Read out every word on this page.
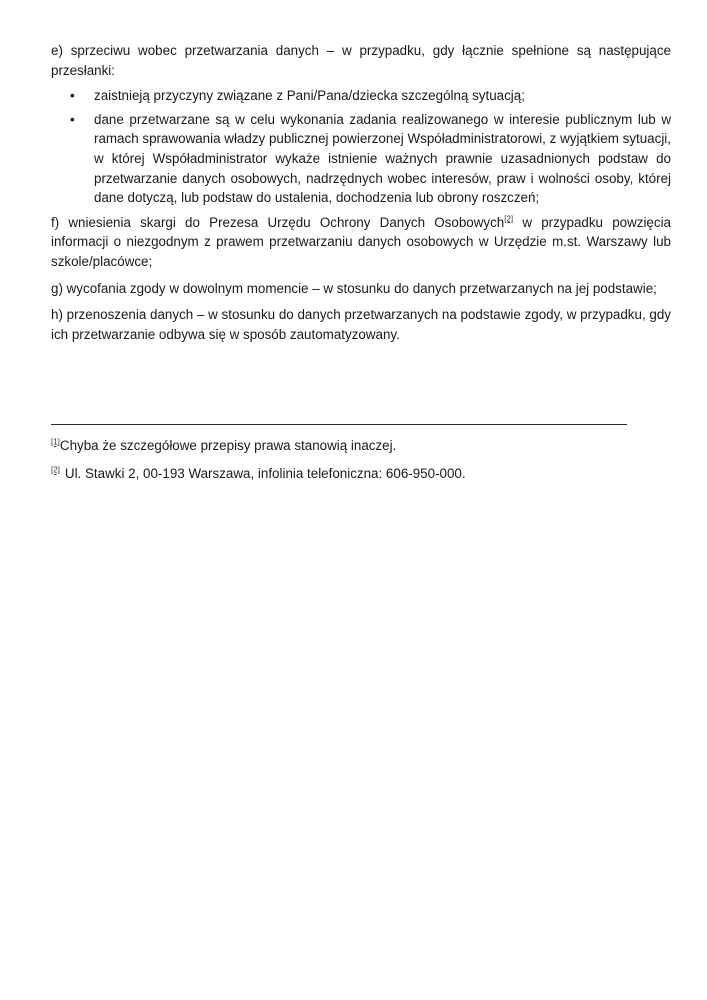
e) sprzeciwu wobec przetwarzania danych – w przypadku, gdy łącznie spełnione są następujące przesłanki:

• zaistnieją przyczyny związane z Pani/Pana/dziecka szczególną sytuacją;
• dane przetwarzane są w celu wykonania zadania realizowanego w interesie publicznym lub w ramach sprawowania władzy publicznej powierzonej Współadministratorowi, z wyjątkiem sytuacji, w której Współadministrator wykaże istnienie ważnych prawnie uzasadnionych podstaw do przetwarzanie danych osobowych, nadrzędnych wobec interesów, praw i wolności osoby, której dane dotyczą, lub podstaw do ustalenia, dochodzenia lub obrony roszczeń;

f) wniesienia skargi do Prezesa Urzędu Ochrony Danych Osobowych[2] w przypadku powzięcia informacji o niezgodnym z prawem przetwarzaniu danych osobowych w Urzędzie m.st. Warszawy lub szkole/placówce;

g) wycofania zgody w dowolnym momencie – w stosunku do danych przetwarzanych na jej podstawie;

h) przenoszenia danych – w stosunku do danych przetwarzanych na podstawie zgody, w przypadku, gdy ich przetwarzanie odbywa się w sposób zautomatyzowany.

[1]Chyba że szczegółowe przepisy prawa stanowią inaczej.

[2] Ul. Stawki 2, 00-193 Warszawa, infolinia telefoniczna: 606-950-000.
